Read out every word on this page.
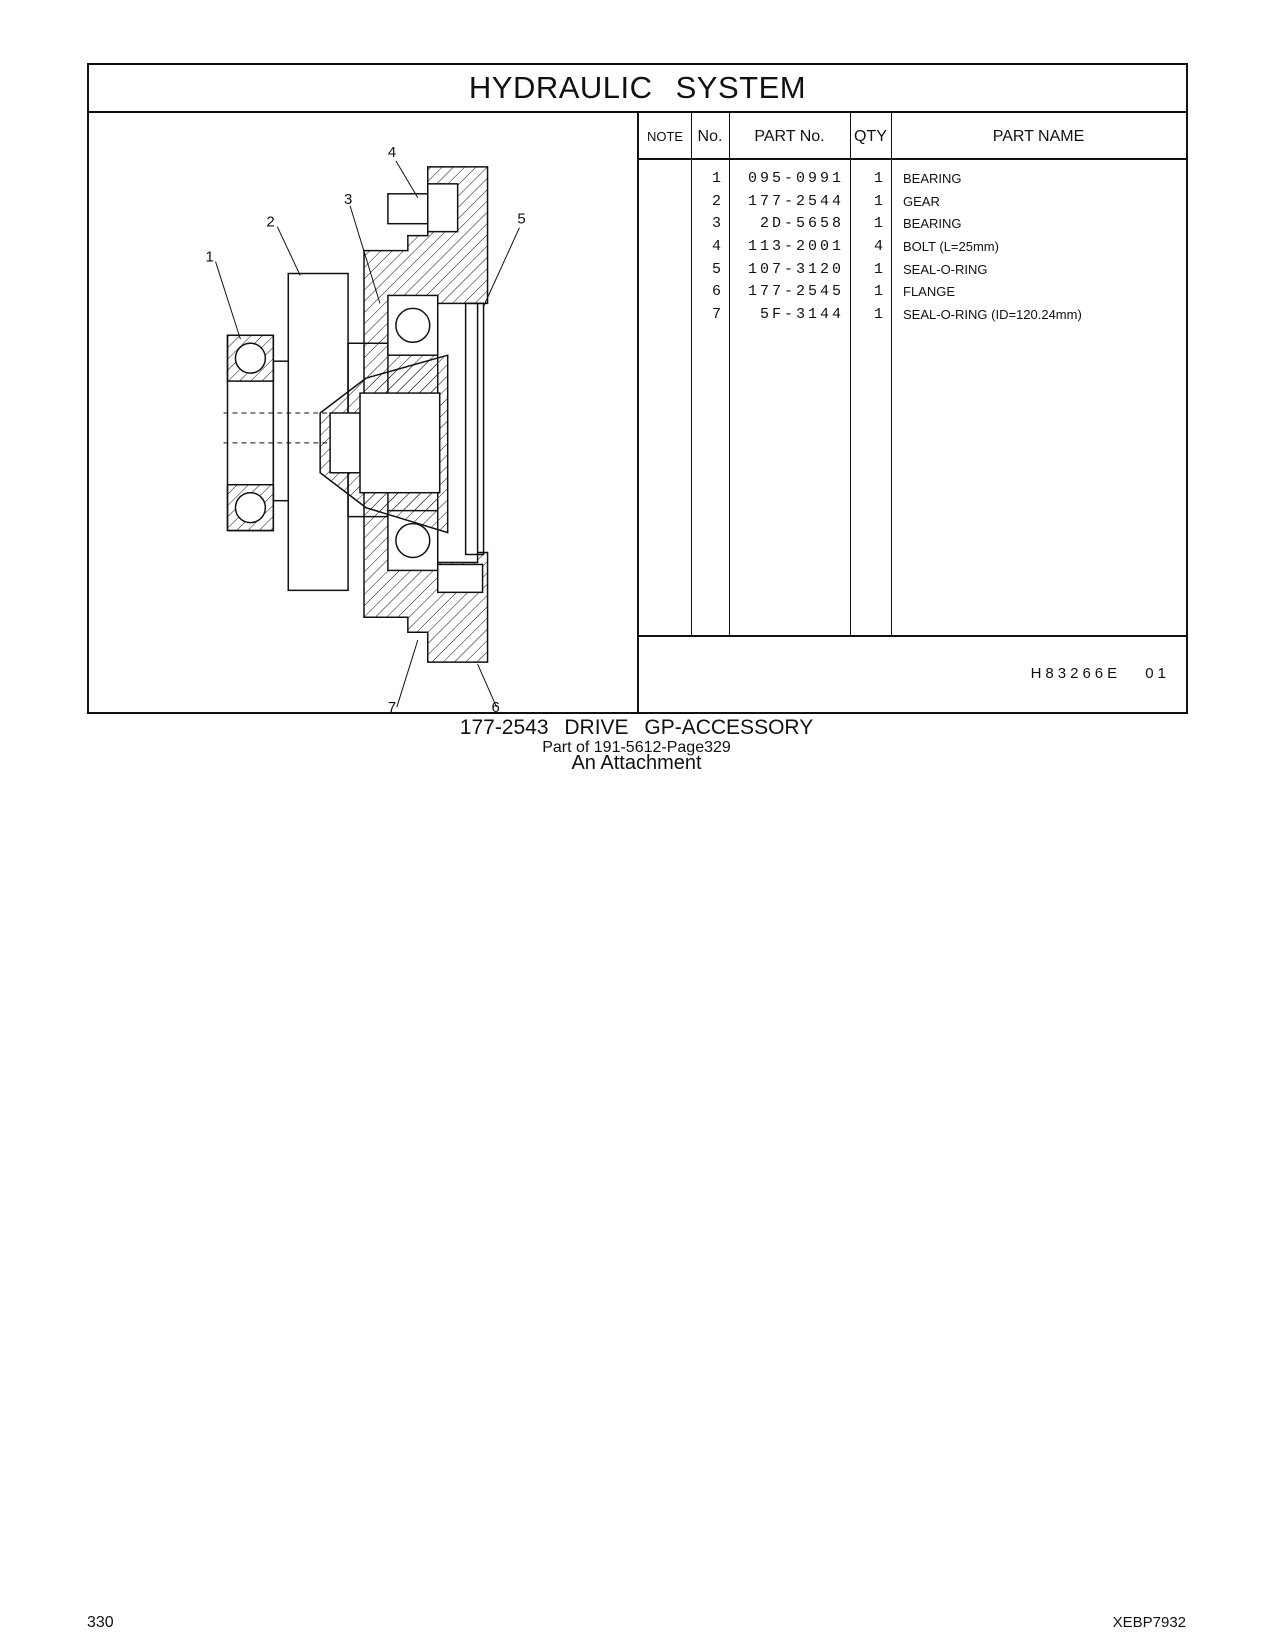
HYDRAULIC SYSTEM
1
2
3
4
5
6
7
NOTE No.	PART No.	QTY	PART NAME
1	095-0991	1 BEARING
2	177-2544	1 GEAR
3	2D-5658	1 BEARING
4	113-2001	4 BOLT (L=25mm)
5	107-3120	1 SEAL-O-RING
6	177-2545	1 FLANGE
7	5F-3144	1 SEAL-O-RING (ID=120.24mm)
H83266E 01
177-2543 DRIVE GP-ACCESSORY
Part of 191-5612-Page329
An Attachment
330	XEBP7932
